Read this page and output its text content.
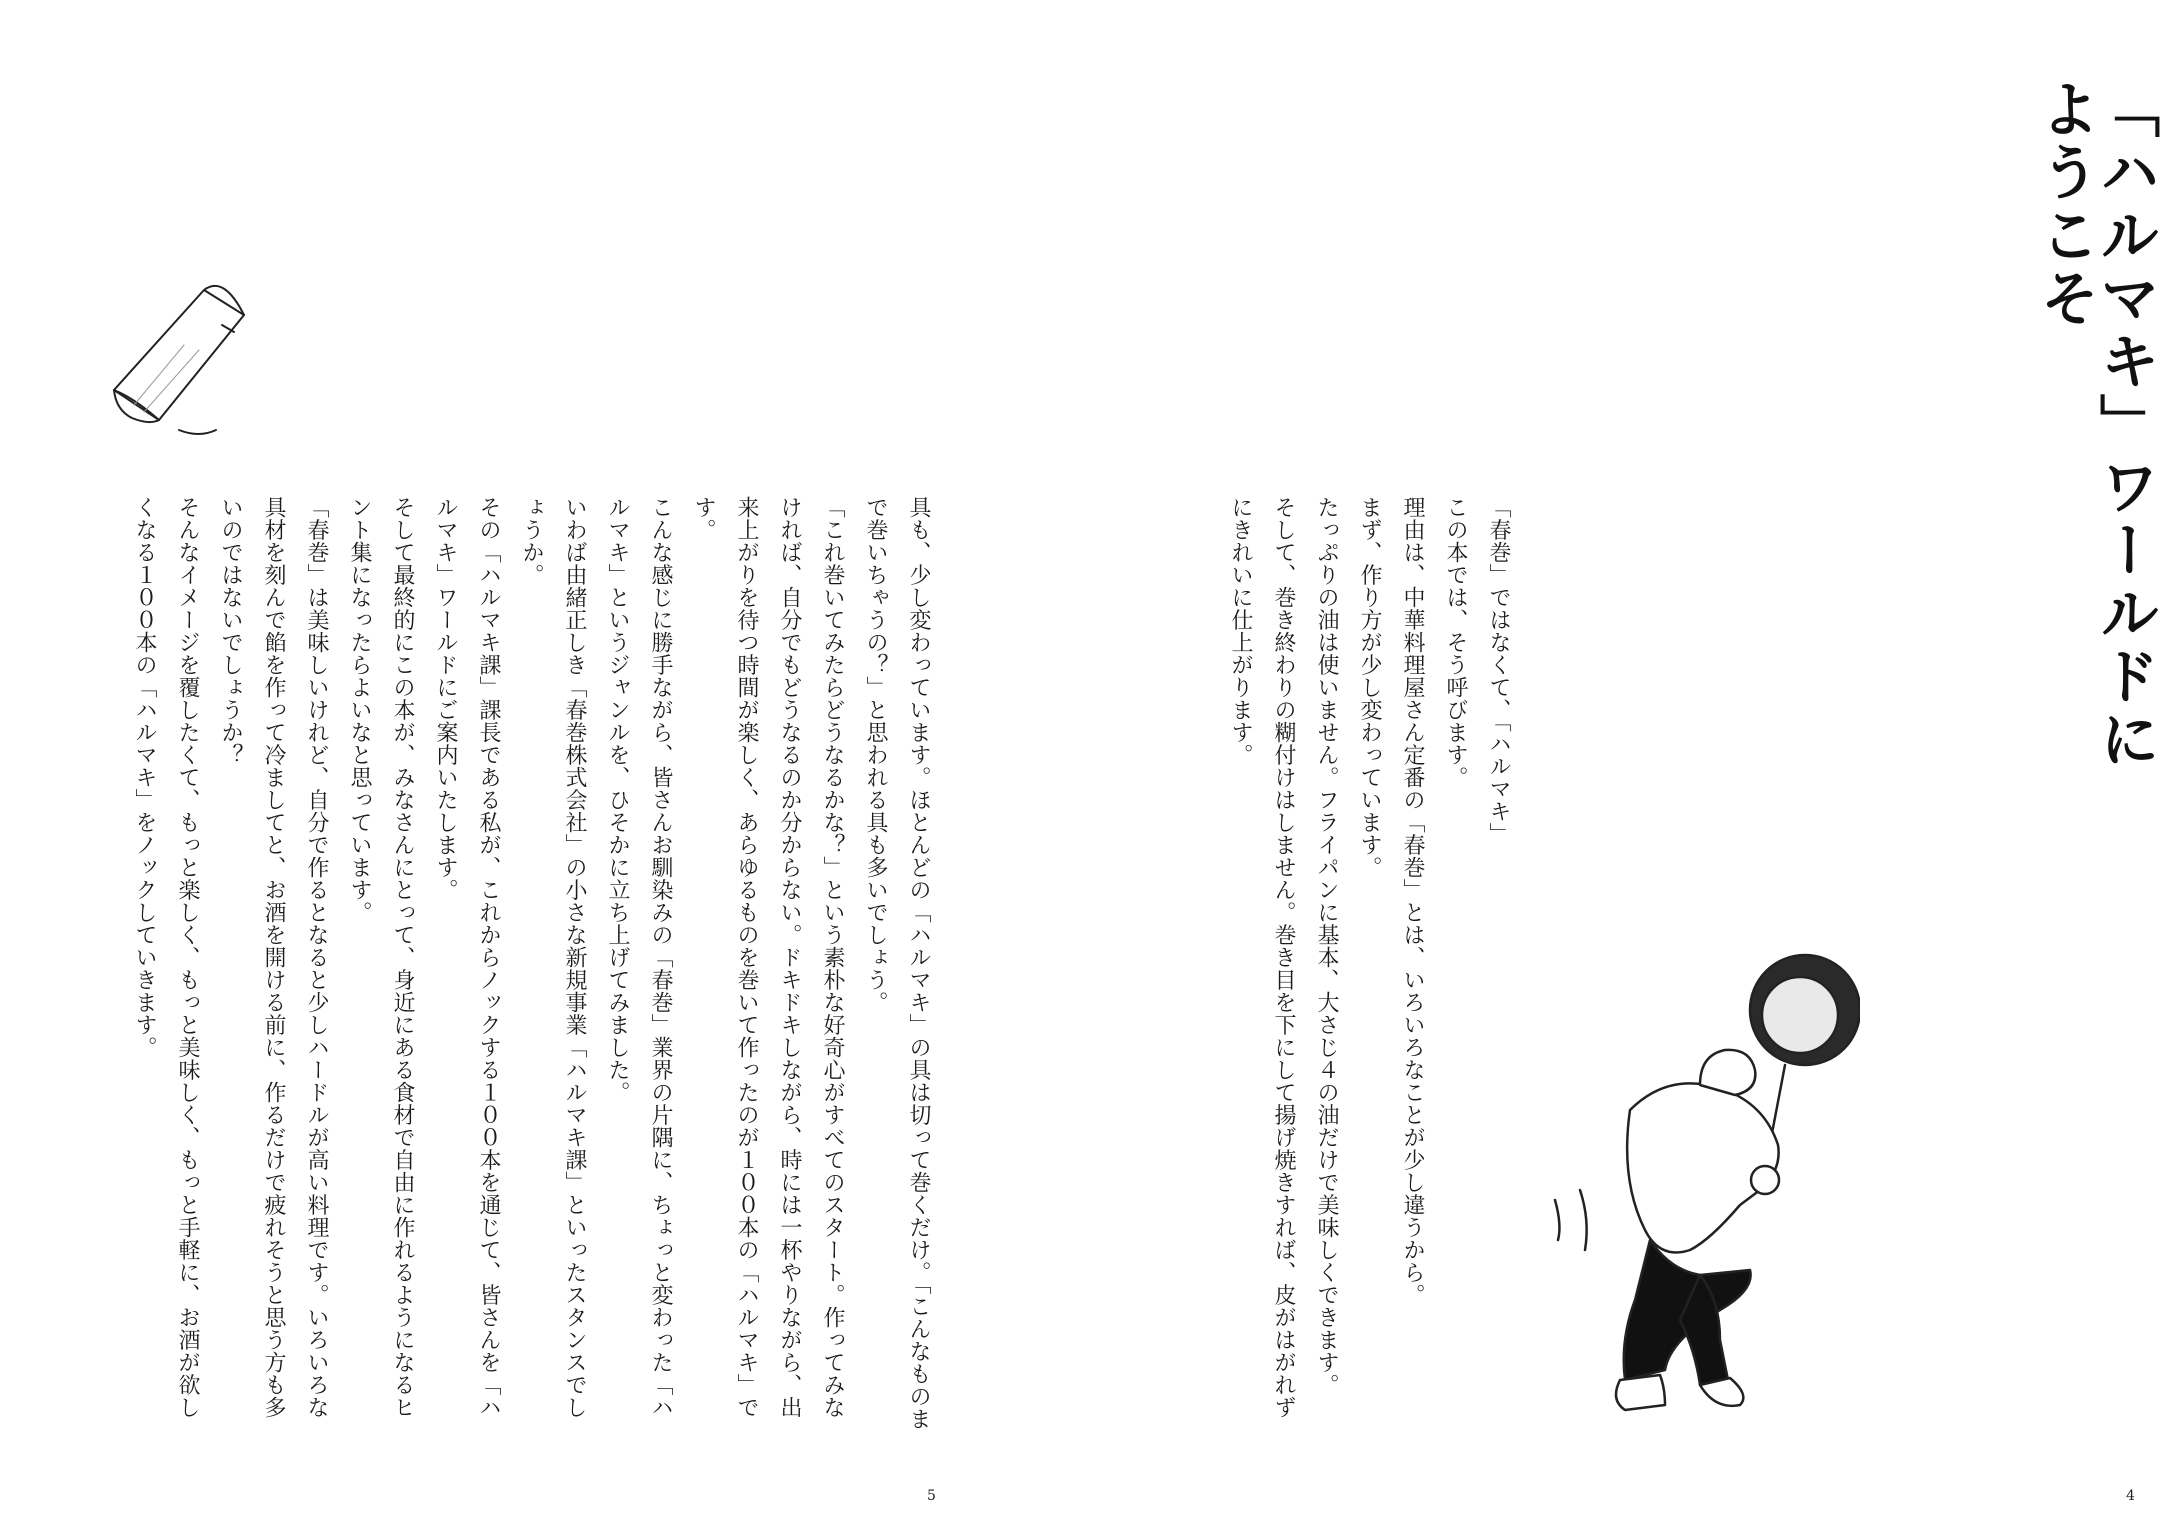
「ハルマキ」ワールドにようこそ

「春巻」ではなくて、「ハルマキ」

この本では、そう呼びます。

理由は、中華料理屋さん定番の「春巻」とは、いろいろなことが少し違うから。

まず、作り方が少し変わっています。

たっぷりの油は使いません。フライパンに基本、大さじ４の油だけで美味しくできます。

そして、巻き終わりの糊付けはしません。巻き目を下にして揚げ焼きすれば、皮がはがれずにきれいに仕上がります。

具も、少し変わっています。ほとんどの「ハルマキ」の具は切って巻くだけ。「こんなものまで巻いちゃうの？」と思われる具も多いでしょう。

「これ巻いてみたらどうなるかな？」という素朴な好奇心がすべてのスタート。作ってみなければ、自分でもどうなるのか分からない。ドキドキしながら、時には一杯やりながら、出来上がりを待つ時間が楽しく、あらゆるものを巻いて作ったのが１００本の「ハルマキ」です。

こんな感じに勝手ながら、皆さんお馴染みの「春巻」業界の片隅に、ちょっと変わった「ハルマキ」というジャンルを、ひそかに立ち上げてみました。

いわば由緒正しき「春巻株式会社」の小さな新規事業「ハルマキ課」といったスタンスでしょうか。

その「ハルマキ課」課長である私が、これからノックする１００本を通じて、皆さんを「ハルマキ」ワールドにご案内いたします。

そして最終的にこの本が、みなさんにとって、身近にある食材で自由に作れるようになるヒント集になったらよいなと思っています。

「春巻」は美味しいけれど、自分で作るとなると少しハードルが高い料理です。いろいろな具材を刻んで餡を作って冷ましてと、お酒を開ける前に、作るだけで疲れそうと思う方も多いのではないでしょうか？

そんなイメージを覆したくて、もっと楽しく、もっと美味しく、もっと手軽に、お酒が欲しくなる１００本の「ハルマキ」をノックしていきます。

5	4
